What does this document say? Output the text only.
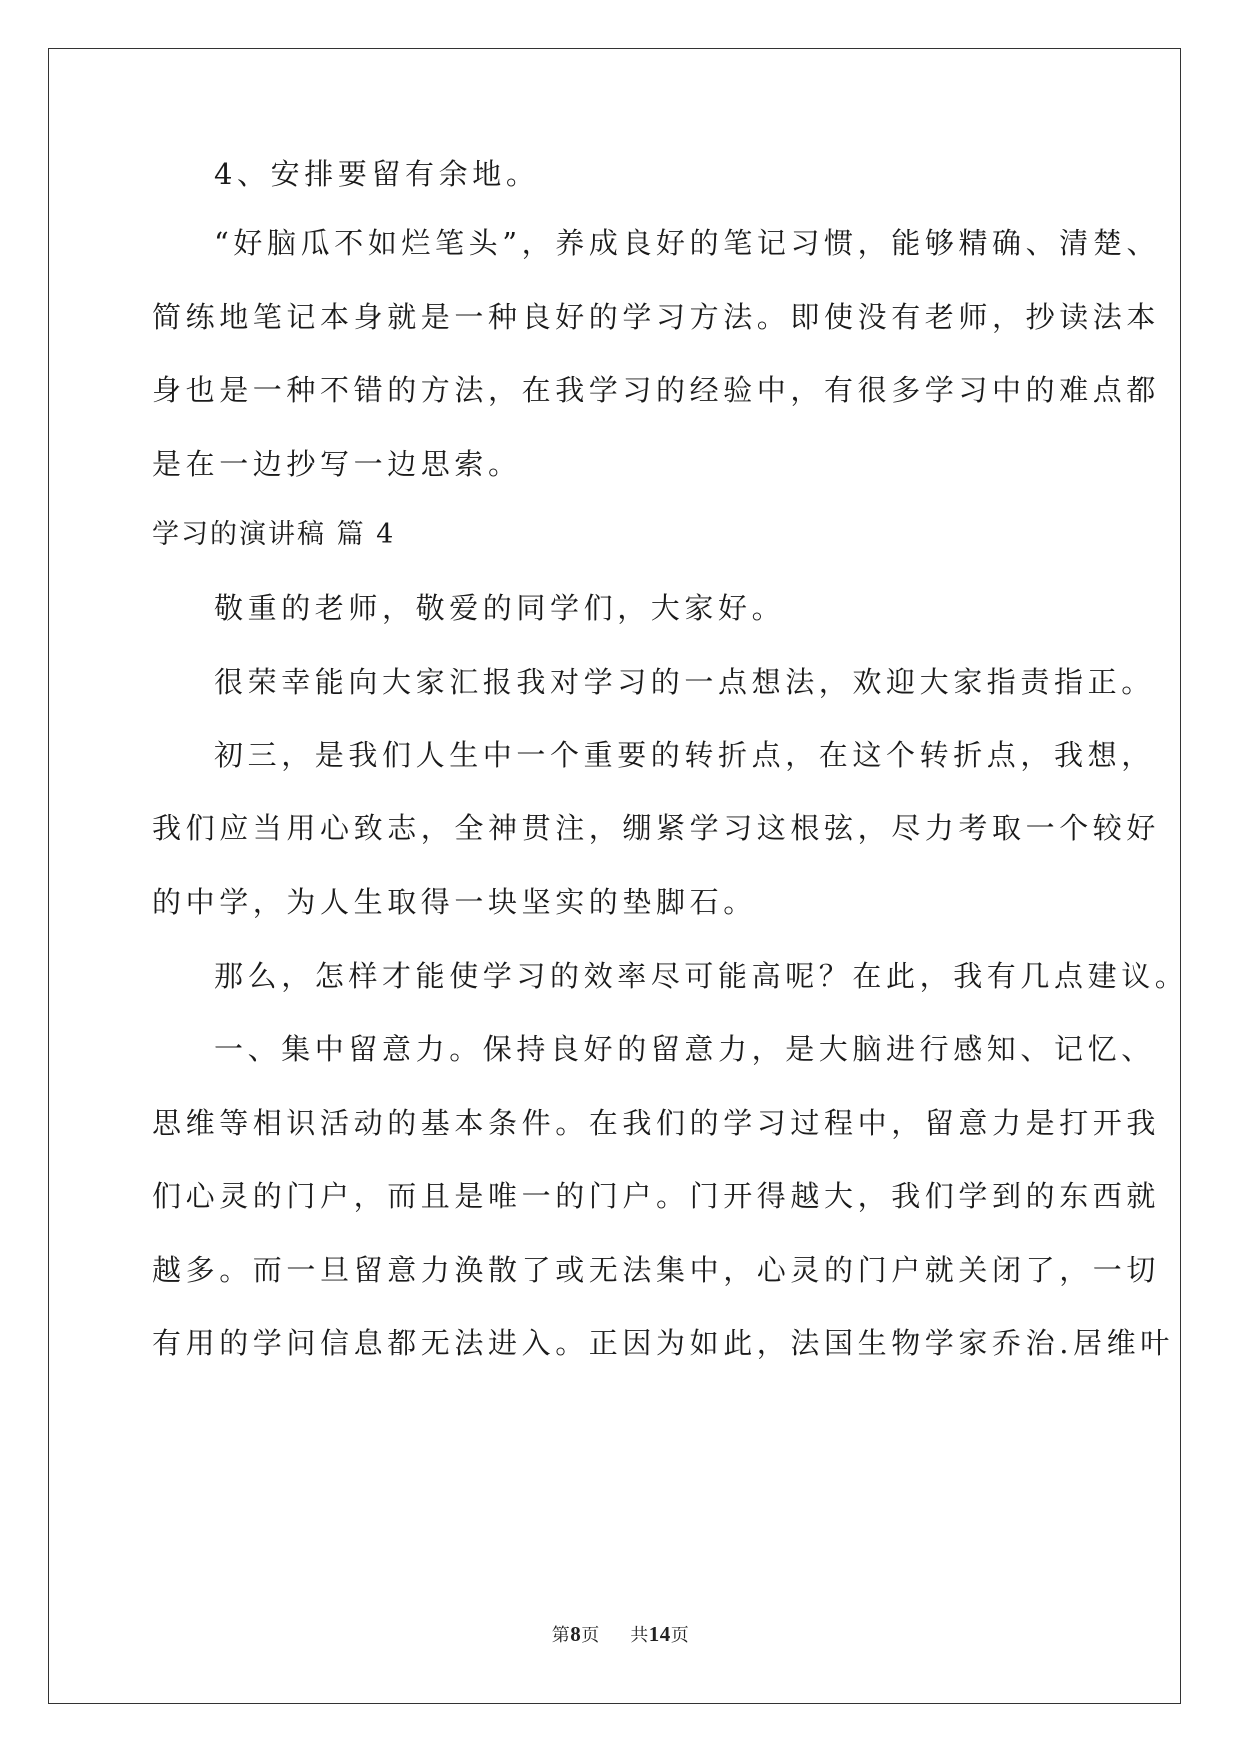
4、安排要留有余地。
“好脑瓜不如烂笔头”，养成良好的笔记习惯，能够精确、清楚、
简练地笔记本身就是一种良好的学习方法。即使没有老师，抄读法本
身也是一种不错的方法，在我学习的经验中，有很多学习中的难点都
是在一边抄写一边思索。
学习的演讲稿 篇 4
敬重的老师，敬爱的同学们，大家好。
很荣幸能向大家汇报我对学习的一点想法，欢迎大家指责指正。
初三，是我们人生中一个重要的转折点，在这个转折点，我想，
我们应当用心致志，全神贯注，绷紧学习这根弦，尽力考取一个较好
的中学，为人生取得一块坚实的垫脚石。
那么，怎样才能使学习的效率尽可能高呢？在此，我有几点建议。
一、集中留意力。保持良好的留意力，是大脑进行感知、记忆、
思维等相识活动的基本条件。在我们的学习过程中，留意力是打开我
们心灵的门户，而且是唯一的门户。门开得越大，我们学到的东西就
越多。而一旦留意力涣散了或无法集中，心灵的门户就关闭了，一切
有用的学问信息都无法进入。正因为如此，法国生物学家乔治.居维叶
第8页 共14页
